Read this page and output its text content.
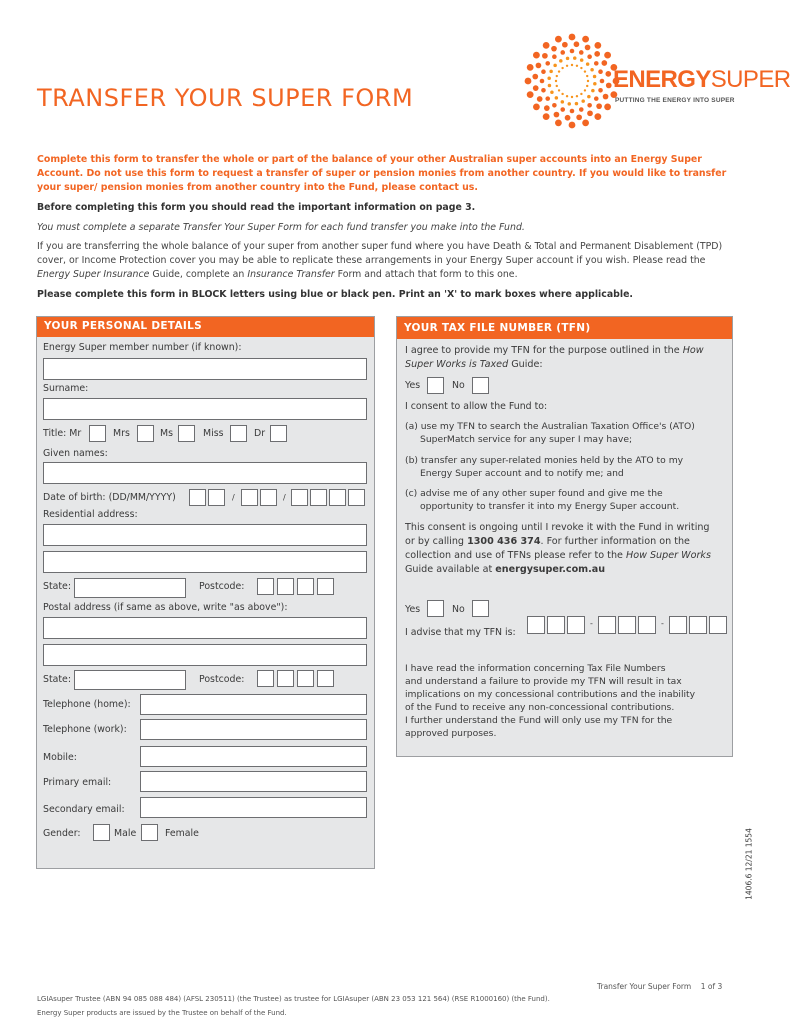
TRANSFER YOUR SUPER FORM
ENERGYSUPER
PUTTING THE ENERGY INTO SUPER

Complete this form to transfer the whole or part of the balance of your other Australian super accounts into an Energy Super Account. Do not use this form to request a transfer of super or pension monies from another country. If you would like to transfer your super/ pension monies from another country into the Fund, please contact us.

Before completing this form you should read the important information on page 3.

You must complete a separate Transfer Your Super Form for each fund transfer you make into the Fund.

If you are transferring the whole balance of your super from another super fund where you have Death & Total and Permanent Disablement (TPD) cover, or Income Protection cover you may be able to replicate these arrangements in your Energy Super account if you wish. Please read the Energy Super Insurance Guide, complete an Insurance Transfer Form and attach that form to this one.

Please complete this form in BLOCK letters using blue or black pen. Print an 'X' to mark boxes where applicable.

YOUR PERSONAL DETAILS
Energy Super member number (if known):
Surname:
Title: Mr	Mrs	Ms	Miss	Dr
Given names:
Date of birth: (DD/MM/YYYY)	/	/
Residential address:
State:	Postcode:
Postal address (if same as above, write "as above"):
State:	Postcode:
Telephone (home):
Telephone (work):
Mobile:
Primary email:
Secondary email:
Gender:	Male	Female
YOUR TAX FILE NUMBER (TFN)

I agree to provide my TFN for the purpose outlined in the How Super Works is Taxed Guide:

Yes	No
I consent to allow the Fund to:
(a) use my TFN to search the Australian Taxation Office's (ATO)
SuperMatch service for any super I may have;
(b) transfer any super-related monies held by the ATO to my
Energy Super account and to notify me; and
(c) advise me of any other super found and give me the
opportunity to transfer it into my Energy Super account.

This consent is ongoing until I revoke it with the Fund in writing or by calling 1300 436 374. For further information on the collection and use of TFNs please refer to the How Super Works Guide available at energysuper.com.au

Yes	No
I advise that my TFN is:
-	-
I have read the information concerning Tax File Numbers
and understand a failure to provide my TFN will result in tax
implications on my concessional contributions and the inability
of the Fund to receive any non-concessional contributions.
I further understand the Fund will only use my TFN for the
approved purposes.
1406.6 12/21 1554
Transfer Your Super Form    1 of 3
LGIAsuper Trustee (ABN 94 085 088 484) (AFSL 230511) (the Trustee) as trustee for LGIAsuper (ABN 23 053 121 564) (RSE R1000160) (the Fund).
Energy Super products are issued by the Trustee on behalf of the Fund.
